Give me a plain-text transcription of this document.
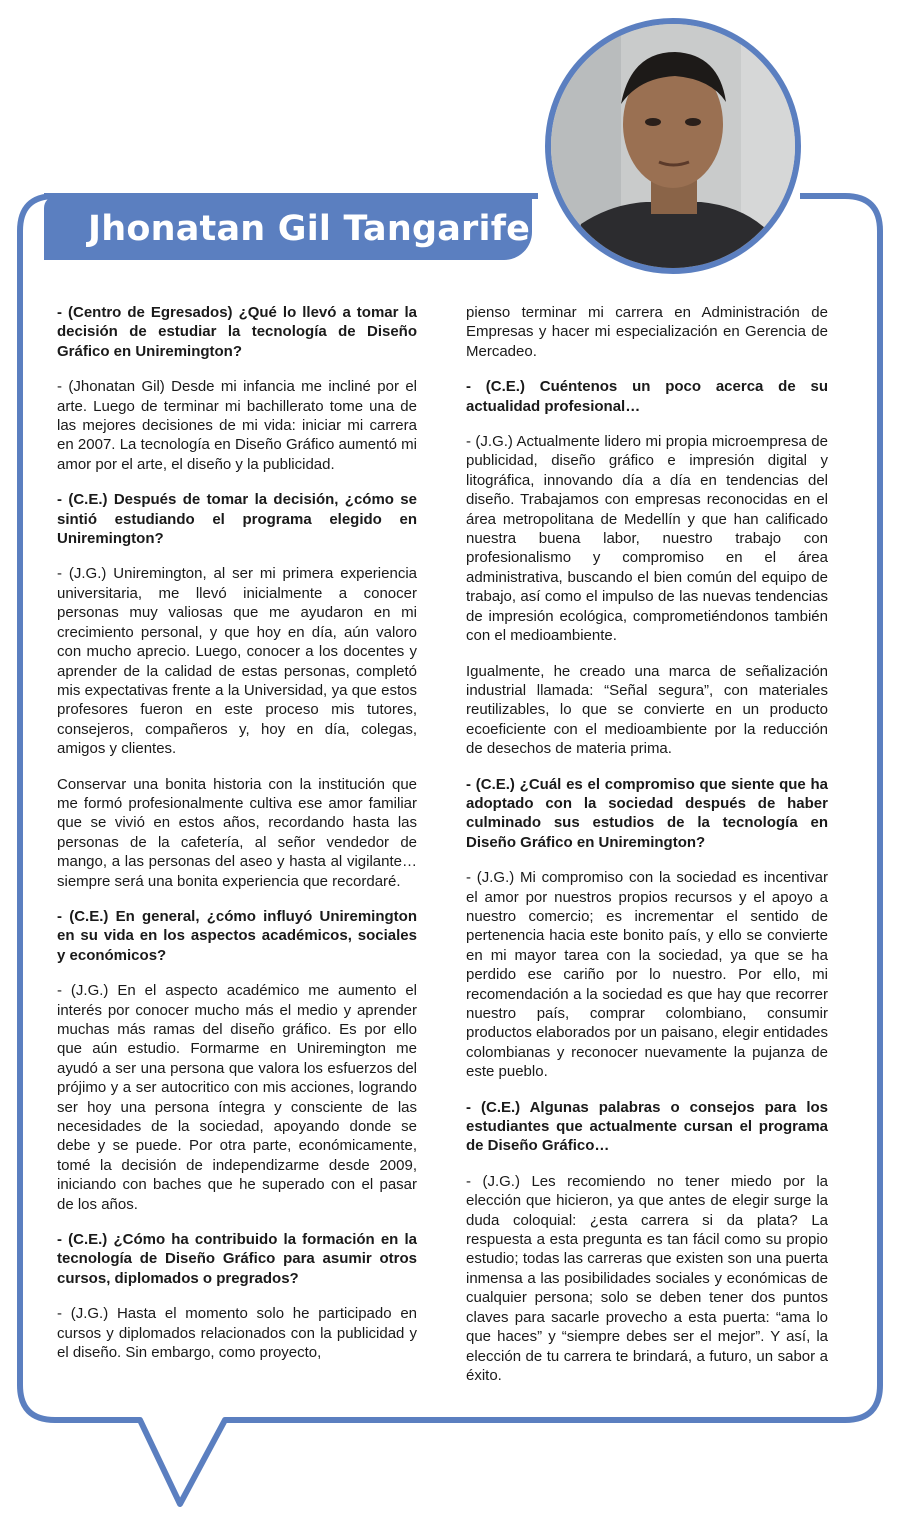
Jhonatan Gil Tangarife

- (Centro de Egresados) ¿Qué lo llevó a tomar la decisión de estudiar la tecnología de Diseño Gráfico en Uniremington?

- (Jhonatan Gil) Desde mi infancia me incliné por el arte. Luego de terminar mi bachillerato tome una de las mejores decisiones de mi vida: iniciar mi carrera en 2007. La tecnología en Diseño Gráfico aumentó mi amor por el arte, el diseño y la publicidad.

- (C.E.) Después de tomar la decisión, ¿cómo se sintió estudiando el programa elegido en Uniremington?

- (J.G.) Uniremington, al ser mi primera experiencia universitaria, me llevó inicialmente a conocer personas muy valiosas que me ayudaron en mi crecimiento personal, y que hoy en día, aún valoro con mucho aprecio. Luego, conocer a los docentes y aprender de la calidad de estas personas, completó mis expectativas frente a la Universidad, ya que estos profesores fueron en este proceso mis tutores, consejeros, compañeros y, hoy en día, colegas, amigos y clientes.

Conservar una bonita historia con la institución que me formó profesionalmente cultiva ese amor familiar que se vivió en estos años, recordando hasta las personas de la cafetería, al señor vendedor de mango, a las personas del aseo y hasta al vigilante… siempre será una bonita experiencia que recordaré.

- (C.E.) En general, ¿cómo influyó Uniremington en su vida en los aspectos académicos, sociales y económicos?

- (J.G.) En el aspecto académico me aumento el interés por conocer mucho más el medio y aprender muchas más ramas del diseño gráfico. Es por ello que aún estudio. Formarme en Uniremington me ayudó a ser una persona que valora los esfuerzos del prójimo y a ser autocritico con mis acciones, logrando ser hoy una persona íntegra y consciente de las necesidades de la sociedad, apoyando donde se debe y se puede. Por otra parte, económicamente, tomé la decisión de independizarme desde 2009, iniciando con baches que he superado con el pasar de los años.

- (C.E.) ¿Cómo ha contribuido la formación en la tecnología de Diseño Gráfico para asumir otros cursos, diplomados o pregrados?

- (J.G.) Hasta el momento solo he participado en cursos y diplomados relacionados con la publicidad y el diseño. Sin embargo, como proyecto,

pienso terminar mi carrera en Administración de Empresas y hacer mi especialización en Gerencia de Mercadeo.

- (C.E.) Cuéntenos un poco acerca de su actualidad profesional…

- (J.G.) Actualmente lidero mi propia microempresa de publicidad, diseño gráfico e impresión digital y litográfica, innovando día a día en tendencias del diseño. Trabajamos con empresas reconocidas en el área metropolitana de Medellín y que han calificado nuestra buena labor, nuestro trabajo con profesionalismo y compromiso en el área administrativa, buscando el bien común del equipo de trabajo, así como el impulso de las nuevas tendencias de impresión ecológica, comprometiéndonos también con el medioambiente.

Igualmente, he creado una marca de señalización industrial llamada: “Señal segura”, con materiales reutilizables, lo que se convierte en un producto ecoeficiente con el medioambiente por la reducción de desechos de materia prima.

- (C.E.) ¿Cuál es el compromiso que siente que ha adoptado con la sociedad después de haber culminado sus estudios de la tecnología en Diseño Gráfico en Uniremington?

- (J.G.) Mi compromiso con la sociedad es incentivar el amor por nuestros propios recursos y el apoyo a nuestro comercio; es incrementar el sentido de pertenencia hacia este bonito país, y ello se convierte en mi mayor tarea con la sociedad, ya que se ha perdido ese cariño por lo nuestro. Por ello, mi recomendación a la sociedad es que hay que recorrer nuestro país, comprar colombiano, consumir productos elaborados por un paisano, elegir entidades colombianas y reconocer nuevamente la pujanza de este pueblo.

- (C.E.) Algunas palabras o consejos para los estudiantes que actualmente cursan el programa de Diseño Gráfico…

- (J.G.) Les recomiendo no tener miedo por la elección que hicieron, ya que antes de elegir surge la duda coloquial: ¿esta carrera si da plata? La respuesta a esta pregunta es tan fácil como su propio estudio; todas las carreras que existen son una puerta inmensa a las posibilidades sociales y económicas de cualquier persona; solo se deben tener dos puntos claves para sacarle provecho a esta puerta: “ama lo que haces” y “siempre debes ser el mejor”. Y así, la elección de tu carrera te brindará, a futuro, un sabor a éxito.
